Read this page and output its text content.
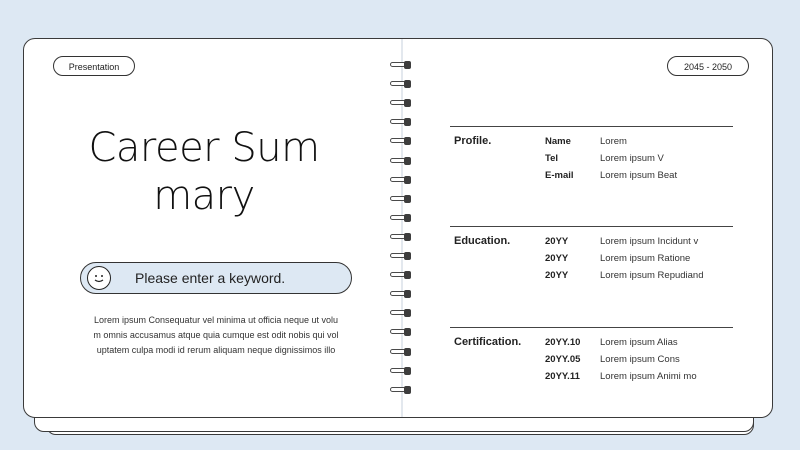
Presentation
Career Sum
mary
Please enter a keyword.
Lorem ipsum Consequatur vel minima ut officia neque ut volu
m omnis accusamus atque quia cumque est odit nobis qui vol
uptatem culpa modi id rerum aliquam neque dignissimos illo
2045 - 2050
Profile.	Name	Lorem
Tel	Lorem ipsum V
E-mail	Lorem ipsum Beat
Education.	20YY	Lorem ipsum Incidunt v
20YY	Lorem ipsum Ratione
20YY	Lorem ipsum Repudiand
Certification.	20YY.10	Lorem ipsum Alias
20YY.05	Lorem ipsum Cons
20YY.11	Lorem ipsum Animi mo
